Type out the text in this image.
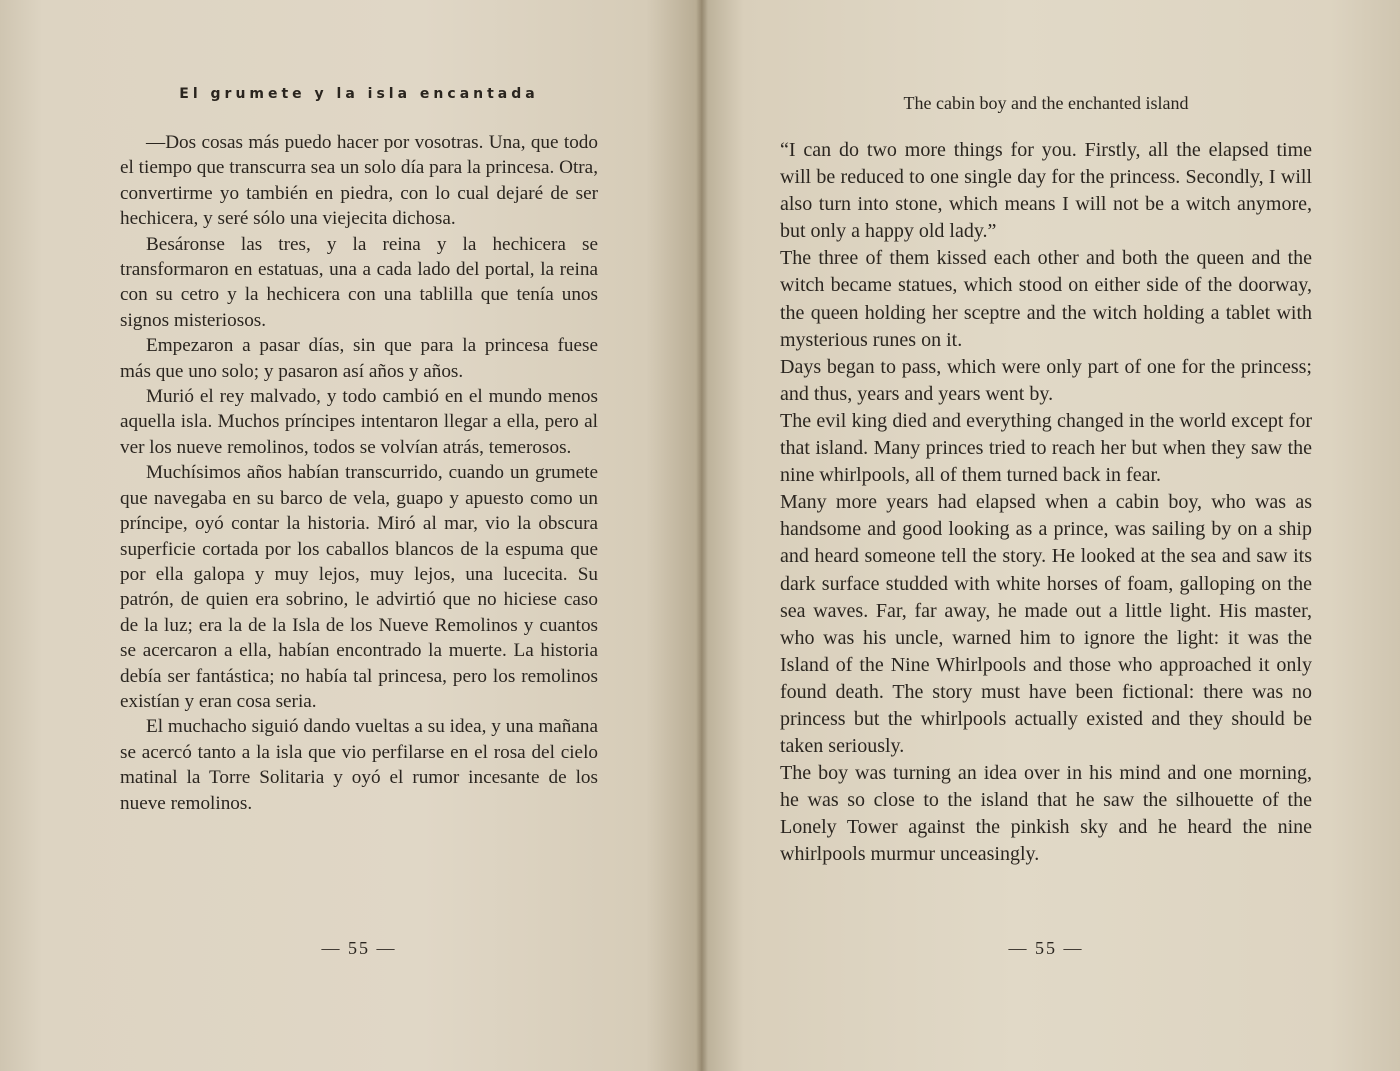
El grumete y la isla encantada

—Dos cosas más puedo hacer por vosotras. Una, que todo el tiempo que transcurra sea un solo día para la princesa. Otra, convertirme yo también en piedra, con lo cual dejaré de ser hechicera, y seré sólo una viejecita dichosa.

Besáronse las tres, y la reina y la hechicera se transformaron en estatuas, una a cada lado del portal, la reina con su cetro y la hechicera con una tablilla que tenía unos signos misteriosos.

Empezaron a pasar días, sin que para la princesa fuese más que uno solo; y pasaron así años y años.

Murió el rey malvado, y todo cambió en el mundo menos aquella isla. Muchos príncipes intentaron llegar a ella, pero al ver los nueve remolinos, todos se volvían atrás, temerosos.

Muchísimos años habían transcurrido, cuando un grumete que navegaba en su barco de vela, guapo y apuesto como un príncipe, oyó contar la historia. Miró al mar, vio la obscura superficie cortada por los caballos blancos de la espuma que por ella galopa y muy lejos, muy lejos, una lucecita. Su patrón, de quien era sobrino, le advirtió que no hiciese caso de la luz; era la de la Isla de los Nueve Remolinos y cuantos se acercaron a ella, habían encontrado la muerte. La historia debía ser fantástica; no había tal princesa, pero los remolinos existían y eran cosa seria.

El muchacho siguió dando vueltas a su idea, y una mañana se acercó tanto a la isla que vio perfilarse en el rosa del cielo matinal la Torre Solitaria y oyó el rumor incesante de los nueve remolinos.

— 55 —
The cabin boy and the enchanted island

“I can do two more things for you. Firstly, all the elapsed time will be reduced to one single day for the princess. Secondly, I will also turn into stone, which means I will not be a witch anymore, but only a happy old lady.”

The three of them kissed each other and both the queen and the witch became statues, which stood on either side of the doorway, the queen holding her sceptre and the witch holding a tablet with mysterious runes on it.

Days began to pass, which were only part of one for the princess; and thus, years and years went by.

The evil king died and everything changed in the world except for that island. Many princes tried to reach her but when they saw the nine whirlpools, all of them turned back in fear.

Many more years had elapsed when a cabin boy, who was as handsome and good looking as a prince, was sailing by on a ship and heard someone tell the story. He looked at the sea and saw its dark surface studded with white horses of foam, galloping on the sea waves. Far, far away, he made out a little light. His master, who was his uncle, warned him to ignore the light: it was the Island of the Nine Whirlpools and those who approached it only found death. The story must have been fictional: there was no princess but the whirlpools actually existed and they should be taken seriously.

The boy was turning an idea over in his mind and one morning, he was so close to the island that he saw the silhouette of the Lonely Tower against the pinkish sky and he heard the nine whirlpools murmur unceasingly.

— 55 —
